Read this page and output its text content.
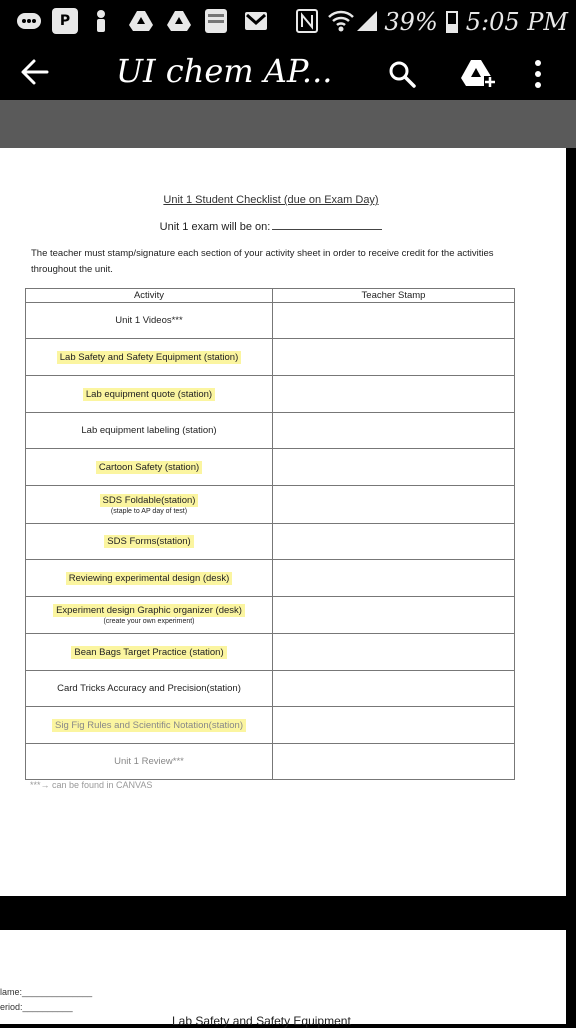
P	39% 5:05 PM
UI chem AP...
Unit 1 Student Checklist (due on Exam Day)
Unit 1 exam will be on:
The teacher must stamp/signature each section of your activity sheet in order to receive credit for the activities throughout the unit.
Activity	Teacher Stamp
Unit 1 Videos***	
Lab Safety and Safety Equipment (station)	
Lab equipment quote (station)	
Lab equipment labeling (station)	
Cartoon Safety (station)	
SDS Foldable(station)
(staple to AP day of test)	

SDS Forms(station)	
Reviewing experimental design (desk)	
Experiment design Graphic organizer (desk)
(create your own experiment)	

Bean Bags Target Practice (station)	
Card Tricks Accuracy and Precision(station)	
Sig Fig Rules and Scientific Notation(station)	
Unit 1 Review***	
***→ can be found in CANVAS
lame:______________
eriod:__________
Lab Safety and Safety Equipment
